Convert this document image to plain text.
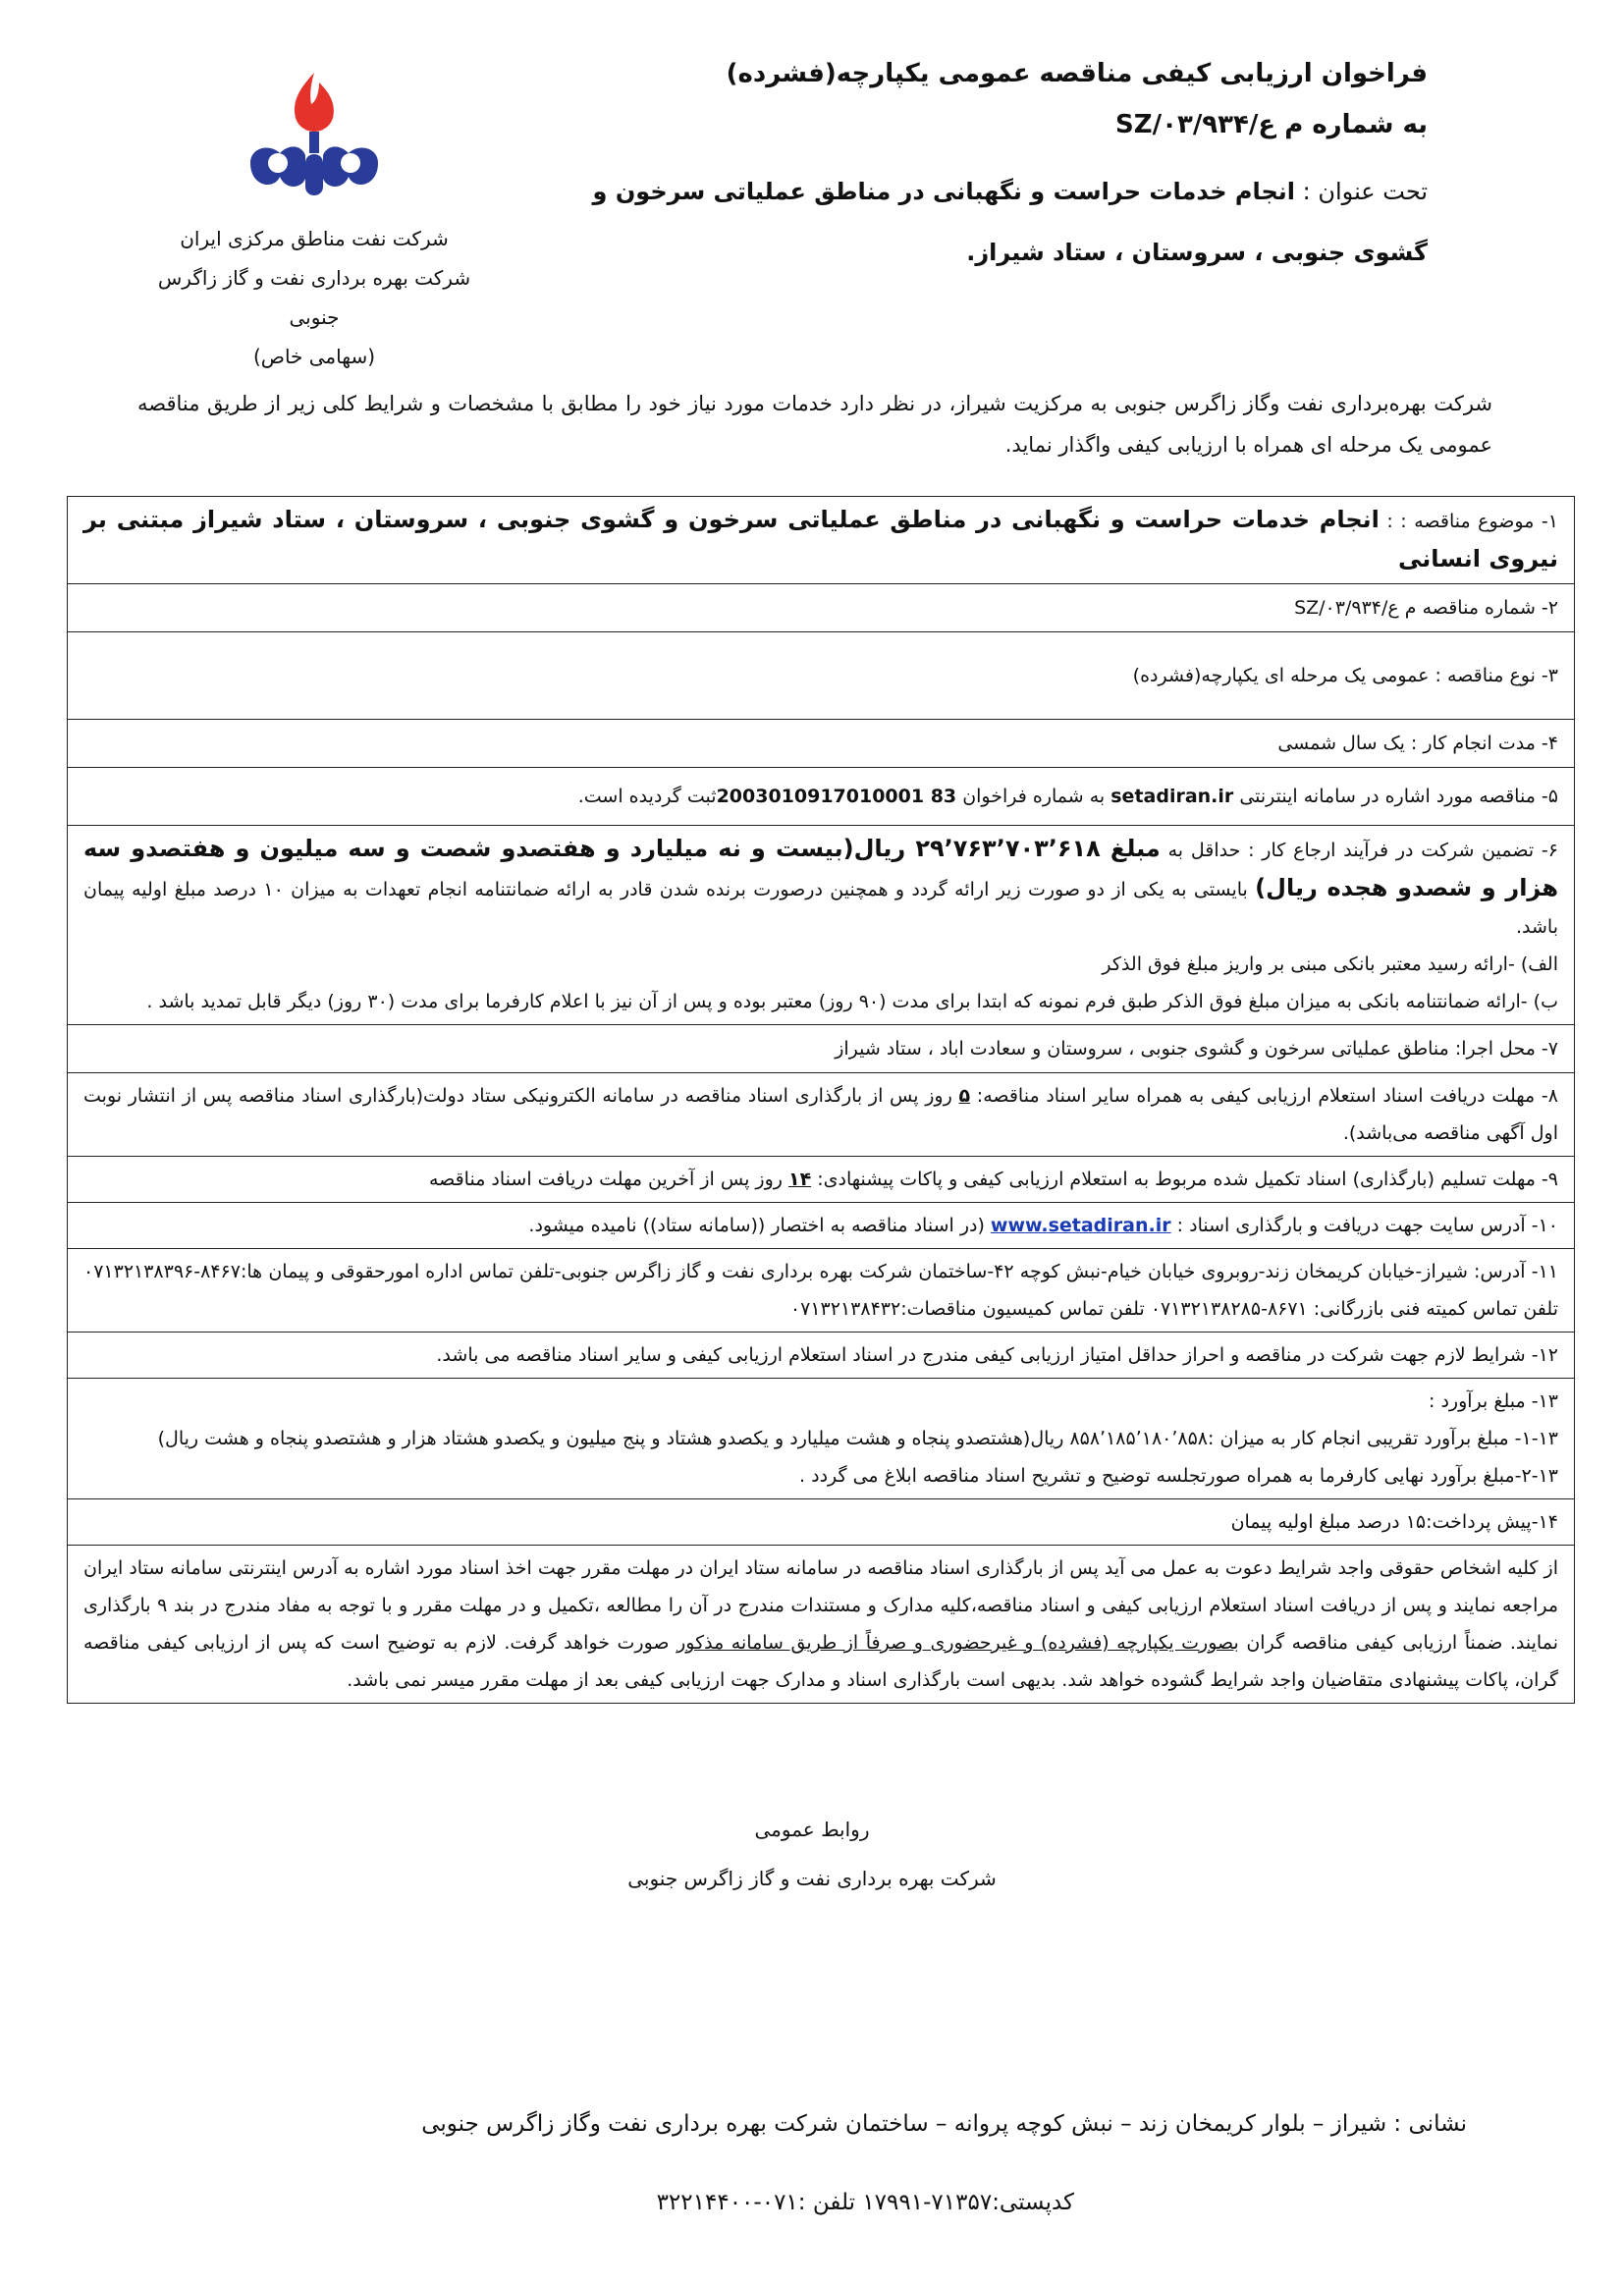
فراخوان ارزیابی کیفی مناقصه عمومی یکپارچه(فشرده)
به شماره م ع/SZ/۰۳/۹۳۴
تحت عنوان : انجام خدمات حراست و نگهبانی در مناطق عملیاتی سرخون و گشوی جنوبی ، سروستان ، ستاد شیراز.
شرکت نفت مناطق مرکزی ایران
شرکت بهره برداری نفت و گاز زاگرس جنوبی
(سهامی خاص)
شرکت بهره‌برداری نفت وگاز زاگرس جنوبی به مرکزیت شیراز، در نظر دارد خدمات مورد نیاز خود را مطابق با مشخصات و شرایط کلی زیر از طریق مناقصه عمومی یک مرحله ای همراه با ارزیابی کیفی واگذار نماید.
۱- موضوع مناقصه : : انجام خدمات حراست و نگهبانی در مناطق عملیاتی سرخون و گشوی جنوبی ، سروستان ، ستاد شیراز مبتنی بر نیروی انسانی
۲- شماره مناقصه م ع/SZ/۰۳/۹۳۴
۳- نوع مناقصه : عمومی یک مرحله ای یکپارچه(فشرده)
۴- مدت انجام کار : یک سال شمسی
۵- مناقصه مورد اشاره در سامانه اینترنتی setadiran.ir به شماره فراخوان 2003010917010001 83ثبت گردیده است.

۶- تضمین شرکت در فرآیند ارجاع کار : حداقل به مبلغ ۲۹٬۷۶۳٬۷۰۳٬۶۱۸ ریال(بیست و نه میلیارد و هفتصدو شصت و سه میلیون و هفتصدو سه هزار و شصدو هجده ریال) بایستی به یکی از دو صورت زیر ارائه گردد و همچنین درصورت برنده شدن قادر به ارائه ضمانتنامه انجام تعهدات به میزان ۱۰ درصد مبلغ اولیه پیمان باشد.
الف) -ارائه رسید معتبر بانکی مبنی بر واریز مبلغ فوق الذکر
ب) -ارائه ضمانتنامه بانکی به میزان مبلغ فوق الذکر طبق فرم نمونه که ابتدا برای مدت (۹۰ روز) معتبر بوده و پس از آن نیز با اعلام کارفرما برای مدت (۳۰ روز) دیگر قابل تمدید باشد .

۷- محل اجرا: مناطق عملیاتی سرخون و گشوی جنوبی ، سروستان و سعادت اباد ، ستاد شیراز
۸- مهلت دریافت اسناد استعلام ارزیابی کیفی به همراه سایر اسناد مناقصه: ۵ روز پس از بارگذاری اسناد مناقصه در سامانه الکترونیکی ستاد دولت(بارگذاری اسناد مناقصه پس از انتشار نوبت اول آگهی مناقصه می‌باشد).
۹- مهلت تسلیم (بارگذاری) اسناد تکمیل شده مربوط به استعلام ارزیابی کیفی و پاکات پیشنهادی: ۱۴ روز پس از آخرین مهلت دریافت اسناد مناقصه
۱۰- آدرس سایت جهت دریافت و بارگذاری اسناد : www.setadiran.ir (در اسناد مناقصه به اختصار ((سامانه ستاد)) نامیده میشود.
۱۱- آدرس: شیراز-خیابان کریمخان زند-روبروی خیابان خیام-نبش کوچه ۴۲-ساختمان شرکت بهره برداری نفت و گاز زاگرس جنوبی-تلفن تماس اداره امورحقوقی و پیمان ها:۸۴۶۷-۰۷۱۳۲۱۳۸۳۹۶ تلفن تماس کمیته فنی بازرگانی: ۸۶۷۱-۰۷۱۳۲۱۳۸۲۸۵ تلفن تماس کمیسیون مناقصات:۰۷۱۳۲۱۳۸۴۳۲
۱۲- شرایط لازم جهت شرکت در مناقصه و احراز حداقل امتیاز ارزیابی کیفی مندرج در اسناد استعلام ارزیابی کیفی و سایر اسناد مناقصه می باشد.

۱۳- مبلغ برآورد :
۱-۱۳- مبلغ برآورد تقریبی انجام کار به میزان :۸۵۸٬۱۸۵٬۱۸۰٬۸۵۸ ریال(هشتصدو پنجاه و هشت میلیارد و یکصدو هشتاد و پنج میلیون و یکصدو هشتاد هزار و هشتصدو پنجاه و هشت ریال)
۲-۱۳-مبلغ برآورد نهایی کارفرما به همراه صورتجلسه توضیح و تشریح اسناد مناقصه ابلاغ می گردد .

۱۴-پیش پرداخت:۱۵ درصد مبلغ اولیه پیمان
از کلیه اشخاص حقوقی واجد شرایط دعوت به عمل می آید پس از بارگذاری اسناد مناقصه در سامانه ستاد ایران در مهلت مقرر جهت اخذ اسناد مورد اشاره به آدرس اینترنتی سامانه ستاد ایران مراجعه نمایند و پس از دریافت اسناد استعلام ارزیابی کیفی و اسناد مناقصه،کلیه مدارک و مستندات مندرج در آن را مطالعه ،تکمیل و در مهلت مقرر و با توجه به مفاد مندرج در بند ۹ بارگذاری نمایند. ضمناً ارزیابی کیفی مناقصه گران بصورت یکپارچه (فشرده) و غیرحضوری و صرفاً از طریق سامانه مذکور صورت خواهد گرفت. لازم به توضیح است که پس از ارزیابی کیفی مناقصه گران، پاکات پیشنهادی متقاضیان واجد شرایط گشوده خواهد شد. بدیهی است بارگذاری اسناد و مدارک جهت ارزیابی کیفی بعد از مهلت مقرر میسر نمی باشد.
روابط عمومی
شرکت بهره برداری نفت و گاز زاگرس جنوبی
نشانی : شیراز – بلوار کریمخان زند – نبش کوچه پروانه – ساختمان شرکت بهره برداری نفت وگاز زاگرس جنوبی
کدپستی:۷۱۳۵۷-۱۷۹۹۱ تلفن :۰۷۱-۳۲۲۱۴۴۰۰
